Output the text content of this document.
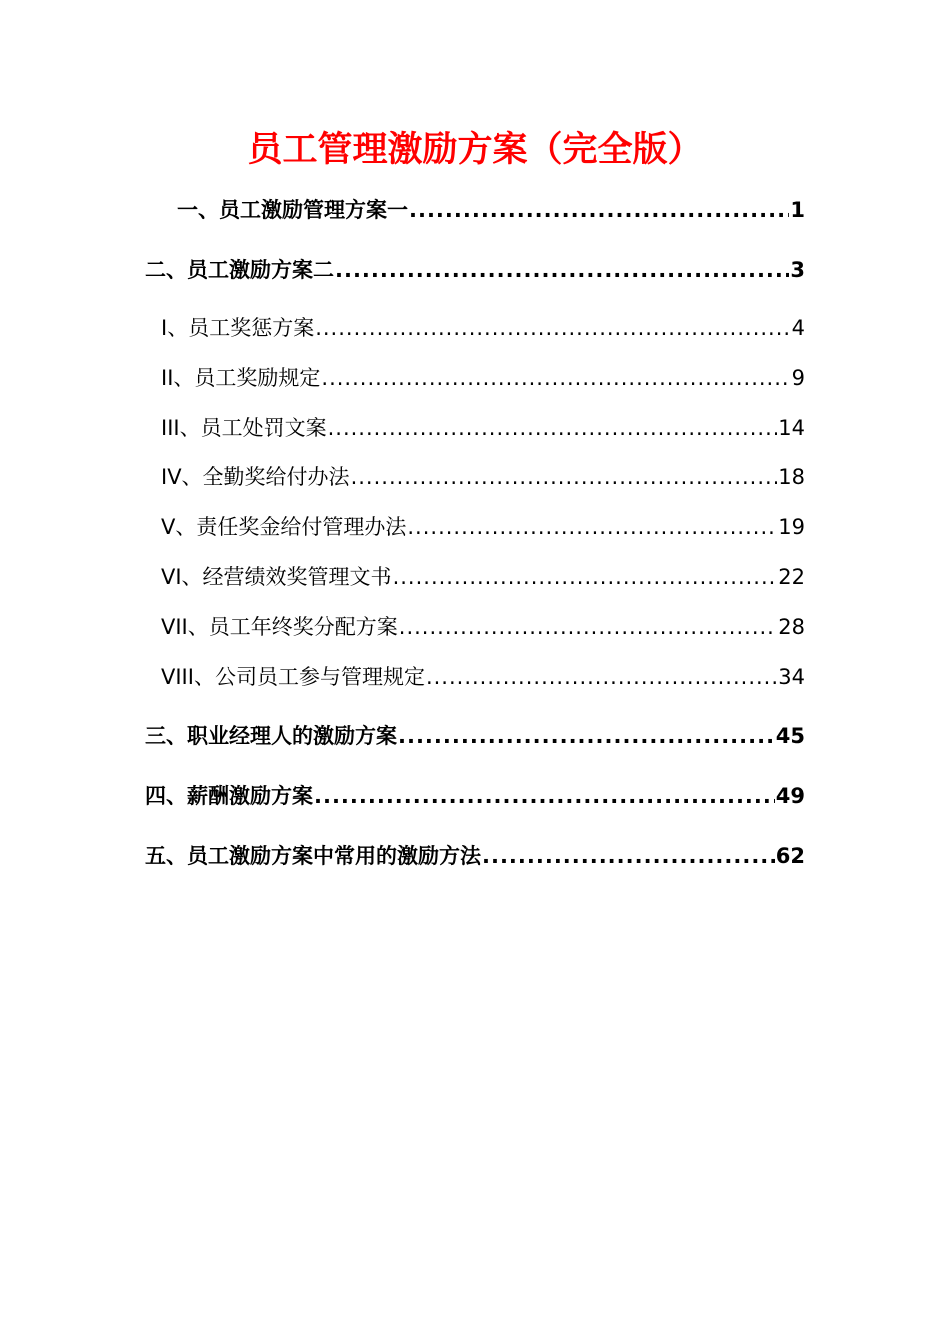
员工管理激励方案（完全版）
一、员工激励管理方案一 .....	1
二、员工激励方案二 .....	3
I、员工奖惩方案 .....	4
II、员工奖励规定 .....	9
III、员工处罚文案 .....	14
IV、全勤奖给付办法 .....	18
V、责任奖金给付管理办法 .....	19
VI、经营绩效奖管理文书 .....	22
VII、员工年终奖分配方案 .....	28
VIII、公司员工参与管理规定 .....	34
三、职业经理人的激励方案 .....	45
四、薪酬激励方案 .....	49
五、员工激励方案中常用的激励方法 .....	62
